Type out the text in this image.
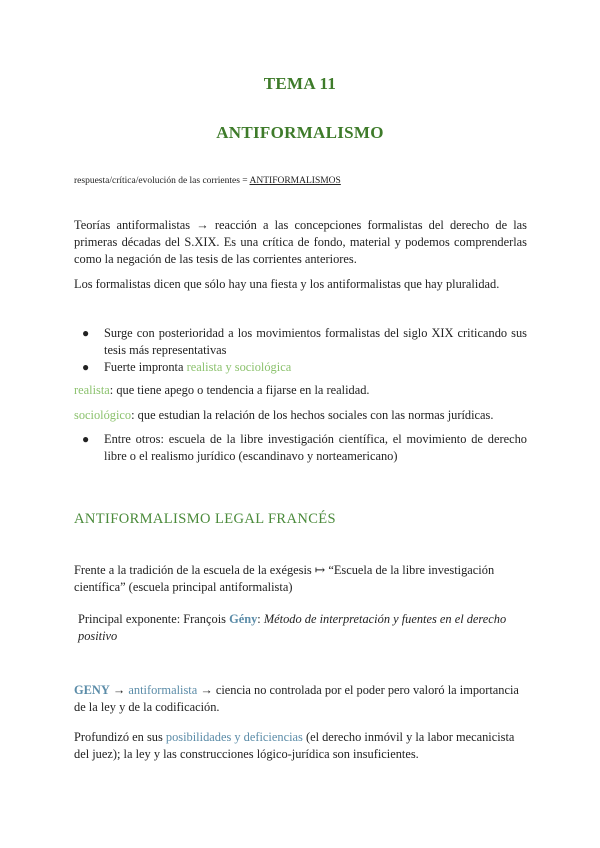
TEMA 11
ANTIFORMALISMO
respuesta/crítica/evolución de las corrientes = ANTIFORMALISMOS
Teorías antiformalistas → reacción a las concepciones formalistas del derecho de las primeras décadas del S.XIX. Es una crítica de fondo, material y podemos comprenderlas como la negación de las tesis de las corrientes anteriores.
Los formalistas dicen que sólo hay una fiesta y los antiformalistas que hay pluralidad.
●	Surge con posterioridad a los movimientos formalistas del siglo XIX criticando sus tesis más representativas
●	Fuerte impronta realista y sociológica
realista: que tiene apego o tendencia a fijarse en la realidad.
sociológico: que estudian la relación de los hechos sociales con las normas jurídicas.
●	Entre otros: escuela de la libre investigación científica, el movimiento de derecho libre o el realismo jurídico (escandinavo y norteamericano)
ANTIFORMALISMO LEGAL FRANCÉS
Frente a la tradición de la escuela de la exégesis ↦ “Escuela de la libre investigación científica” (escuela principal antiformalista)
Principal exponente: François Gény: Método de interpretación y fuentes en el derecho positivo
GENY → antiformalista → ciencia no controlada por el poder pero valoró la importancia de la ley y de la codificación.
Profundizó en sus posibilidades y deficiencias (el derecho inmóvil y la labor mecanicista del juez); la ley y las construcciones lógico-jurídica son insuficientes.
